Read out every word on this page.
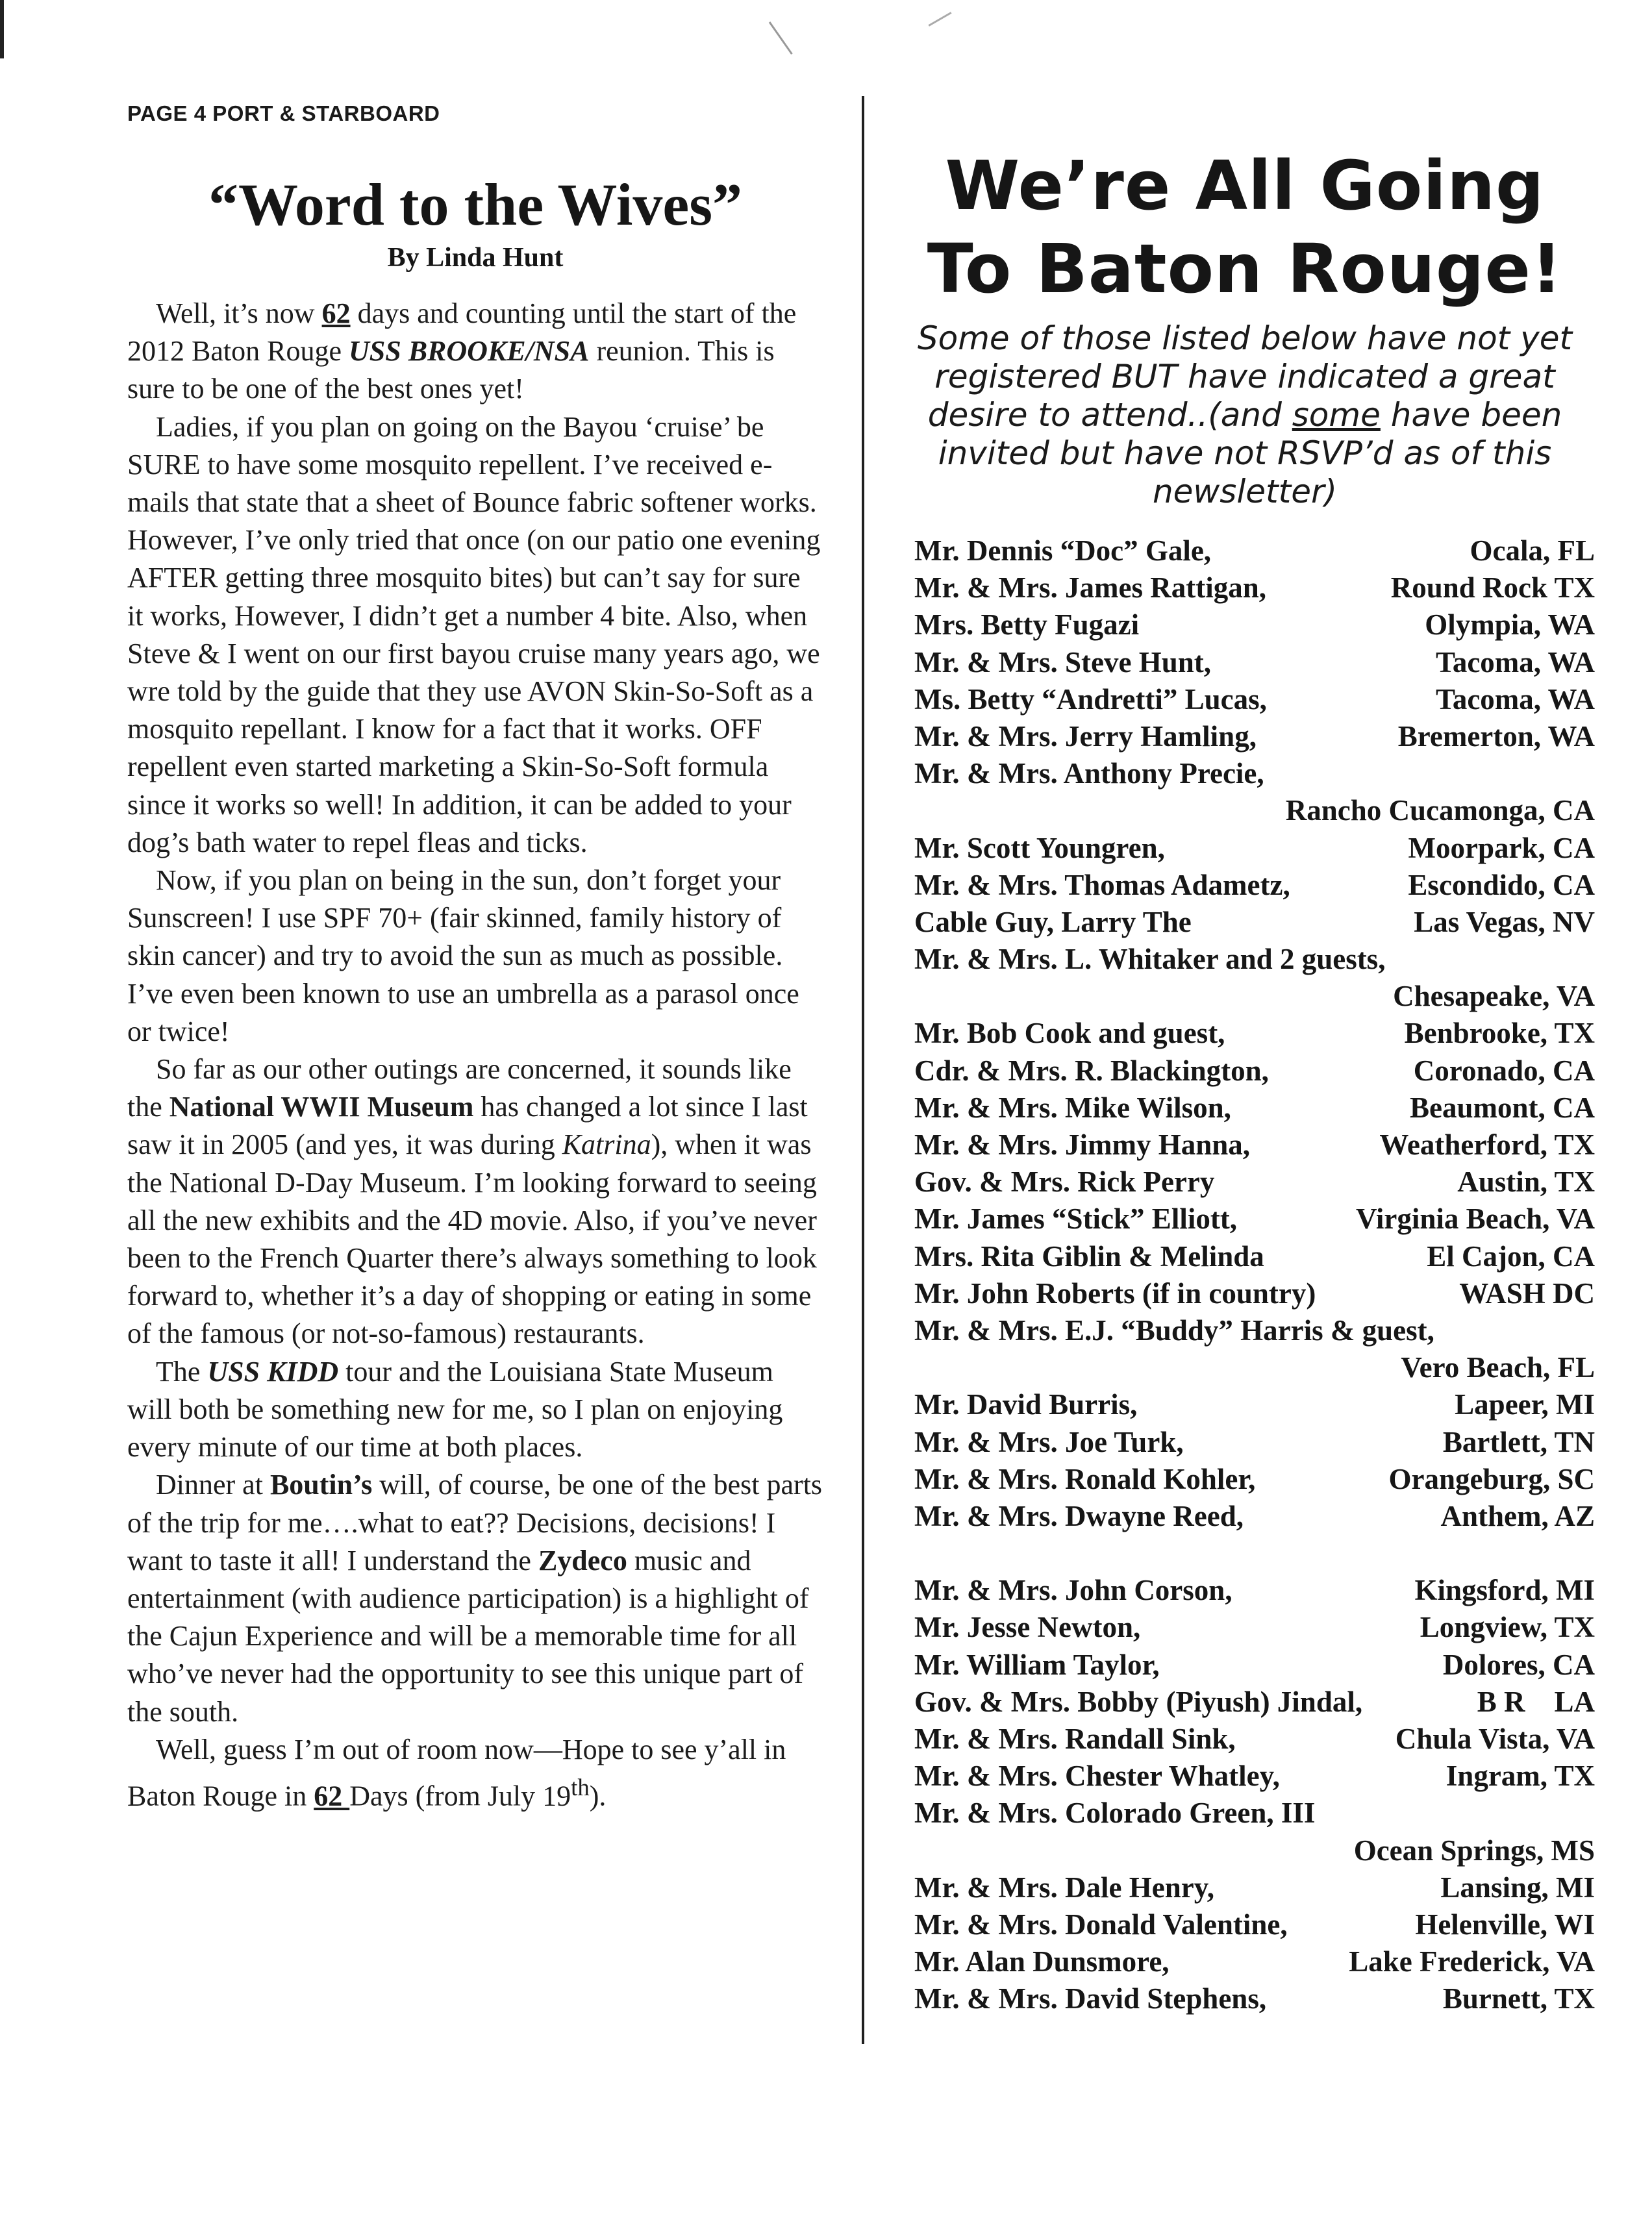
PAGE 4 PORT & STARBOARD
“Word to the Wives”

By Linda Hunt

Well, it’s now 62 days and counting until the start of the 2012 Baton Rouge USS BROOKE/NSA reunion. This is sure to be one of the best ones yet!

Ladies, if you plan on going on the Bayou ‘cruise’ be SURE to have some mosquito repellent. I’ve received e-mails that state that a sheet of Bounce fabric softener works. However, I’ve only tried that once (on our patio one evening AFTER getting three mosquito bites) but can’t say for sure it works, However, I didn’t get a number 4 bite. Also, when Steve & I went on our first bayou cruise many years ago, we wre told by the guide that they use AVON Skin-So-Soft as a mosquito repellant. I know for a fact that it works. OFF repellent even started marketing a Skin-So-Soft formula since it works so well! In addition, it can be added to your dog’s bath water to repel fleas and ticks.

Now, if you plan on being in the sun, don’t forget your Sunscreen! I use SPF 70+ (fair skinned, family history of skin cancer) and try to avoid the sun as much as possible. I’ve even been known to use an umbrella as a parasol once or twice!

So far as our other outings are concerned, it sounds like the National WWII Museum has changed a lot since I last saw it in 2005 (and yes, it was during Katrina), when it was the National D-Day Museum. I’m looking forward to seeing all the new exhibits and the 4D movie. Also, if you’ve never been to the French Quarter there’s always something to look forward to, whether it’s a day of shopping or eating in some of the famous (or not-so-famous) restaurants.

The USS KIDD tour and the Louisiana State Museum will both be something new for me, so I plan on enjoying every minute of our time at both places.

Dinner at Boutin’s will, of course, be one of the best parts of the trip for me….what to eat?? Decisions, decisions! I want to taste it all! I understand the Zydeco music and entertainment (with audience participation) is a highlight of the Cajun Experience and will be a memorable time for all who’ve never had the opportunity to see this unique part of the south.

Well, guess I’m out of room now—Hope to see y’all in Baton Rouge in 62 Days (from July 19th).

We’re All Going
To Baton Rouge!

Some of those listed below have not yet registered BUT have indicated a great desire to attend..(and some have been invited but have not RSVP’d as of this newsletter)

Mr. Dennis “Doc” Gale,	Ocala, FL
Mr. & Mrs. James Rattigan,	Round Rock TX
Mrs. Betty Fugazi	Olympia, WA
Mr. & Mrs. Steve Hunt,	Tacoma, WA
Ms. Betty “Andretti” Lucas,	Tacoma, WA
Mr. & Mrs. Jerry Hamling,	Bremerton, WA
Mr. & Mrs. Anthony Precie,
Rancho Cucamonga, CA
Mr. Scott Youngren,	Moorpark, CA
Mr. & Mrs. Thomas Adametz,	Escondido, CA
Cable Guy, Larry The	Las Vegas, NV
Mr. & Mrs. L. Whitaker and 2 guests,
Chesapeake, VA
Mr. Bob Cook and guest,	Benbrooke, TX
Cdr. & Mrs. R. Blackington,	Coronado, CA
Mr. & Mrs. Mike Wilson,	Beaumont, CA
Mr. & Mrs. Jimmy Hanna,	Weatherford, TX
Gov. & Mrs. Rick Perry	Austin, TX
Mr. James “Stick” Elliott,	Virginia Beach, VA
Mrs. Rita Giblin & Melinda	El Cajon, CA
Mr. John Roberts (if in country)	WASH DC
Mr. & Mrs. E.J. “Buddy” Harris & guest,
Vero Beach, FL
Mr. David Burris,	Lapeer, MI
Mr. & Mrs. Joe Turk,	Bartlett, TN
Mr. & Mrs. Ronald Kohler,	Orangeburg, SC
Mr. & Mrs. Dwayne Reed,	Anthem, AZ
Mr. & Mrs. John Corson,	Kingsford, MI
Mr. Jesse Newton,	Longview, TX
Mr. William Taylor,	Dolores, CA
Gov. & Mrs. Bobby (Piyush) Jindal,	B R    LA
Mr. & Mrs. Randall Sink,	Chula Vista, VA
Mr. & Mrs. Chester Whatley,	Ingram, TX
Mr. & Mrs. Colorado Green, III
Ocean Springs, MS
Mr. & Mrs. Dale Henry,	Lansing, MI
Mr. & Mrs. Donald Valentine,	Helenville, WI
Mr. Alan Dunsmore,	Lake Frederick, VA
Mr. & Mrs. David Stephens,	Burnett, TX
